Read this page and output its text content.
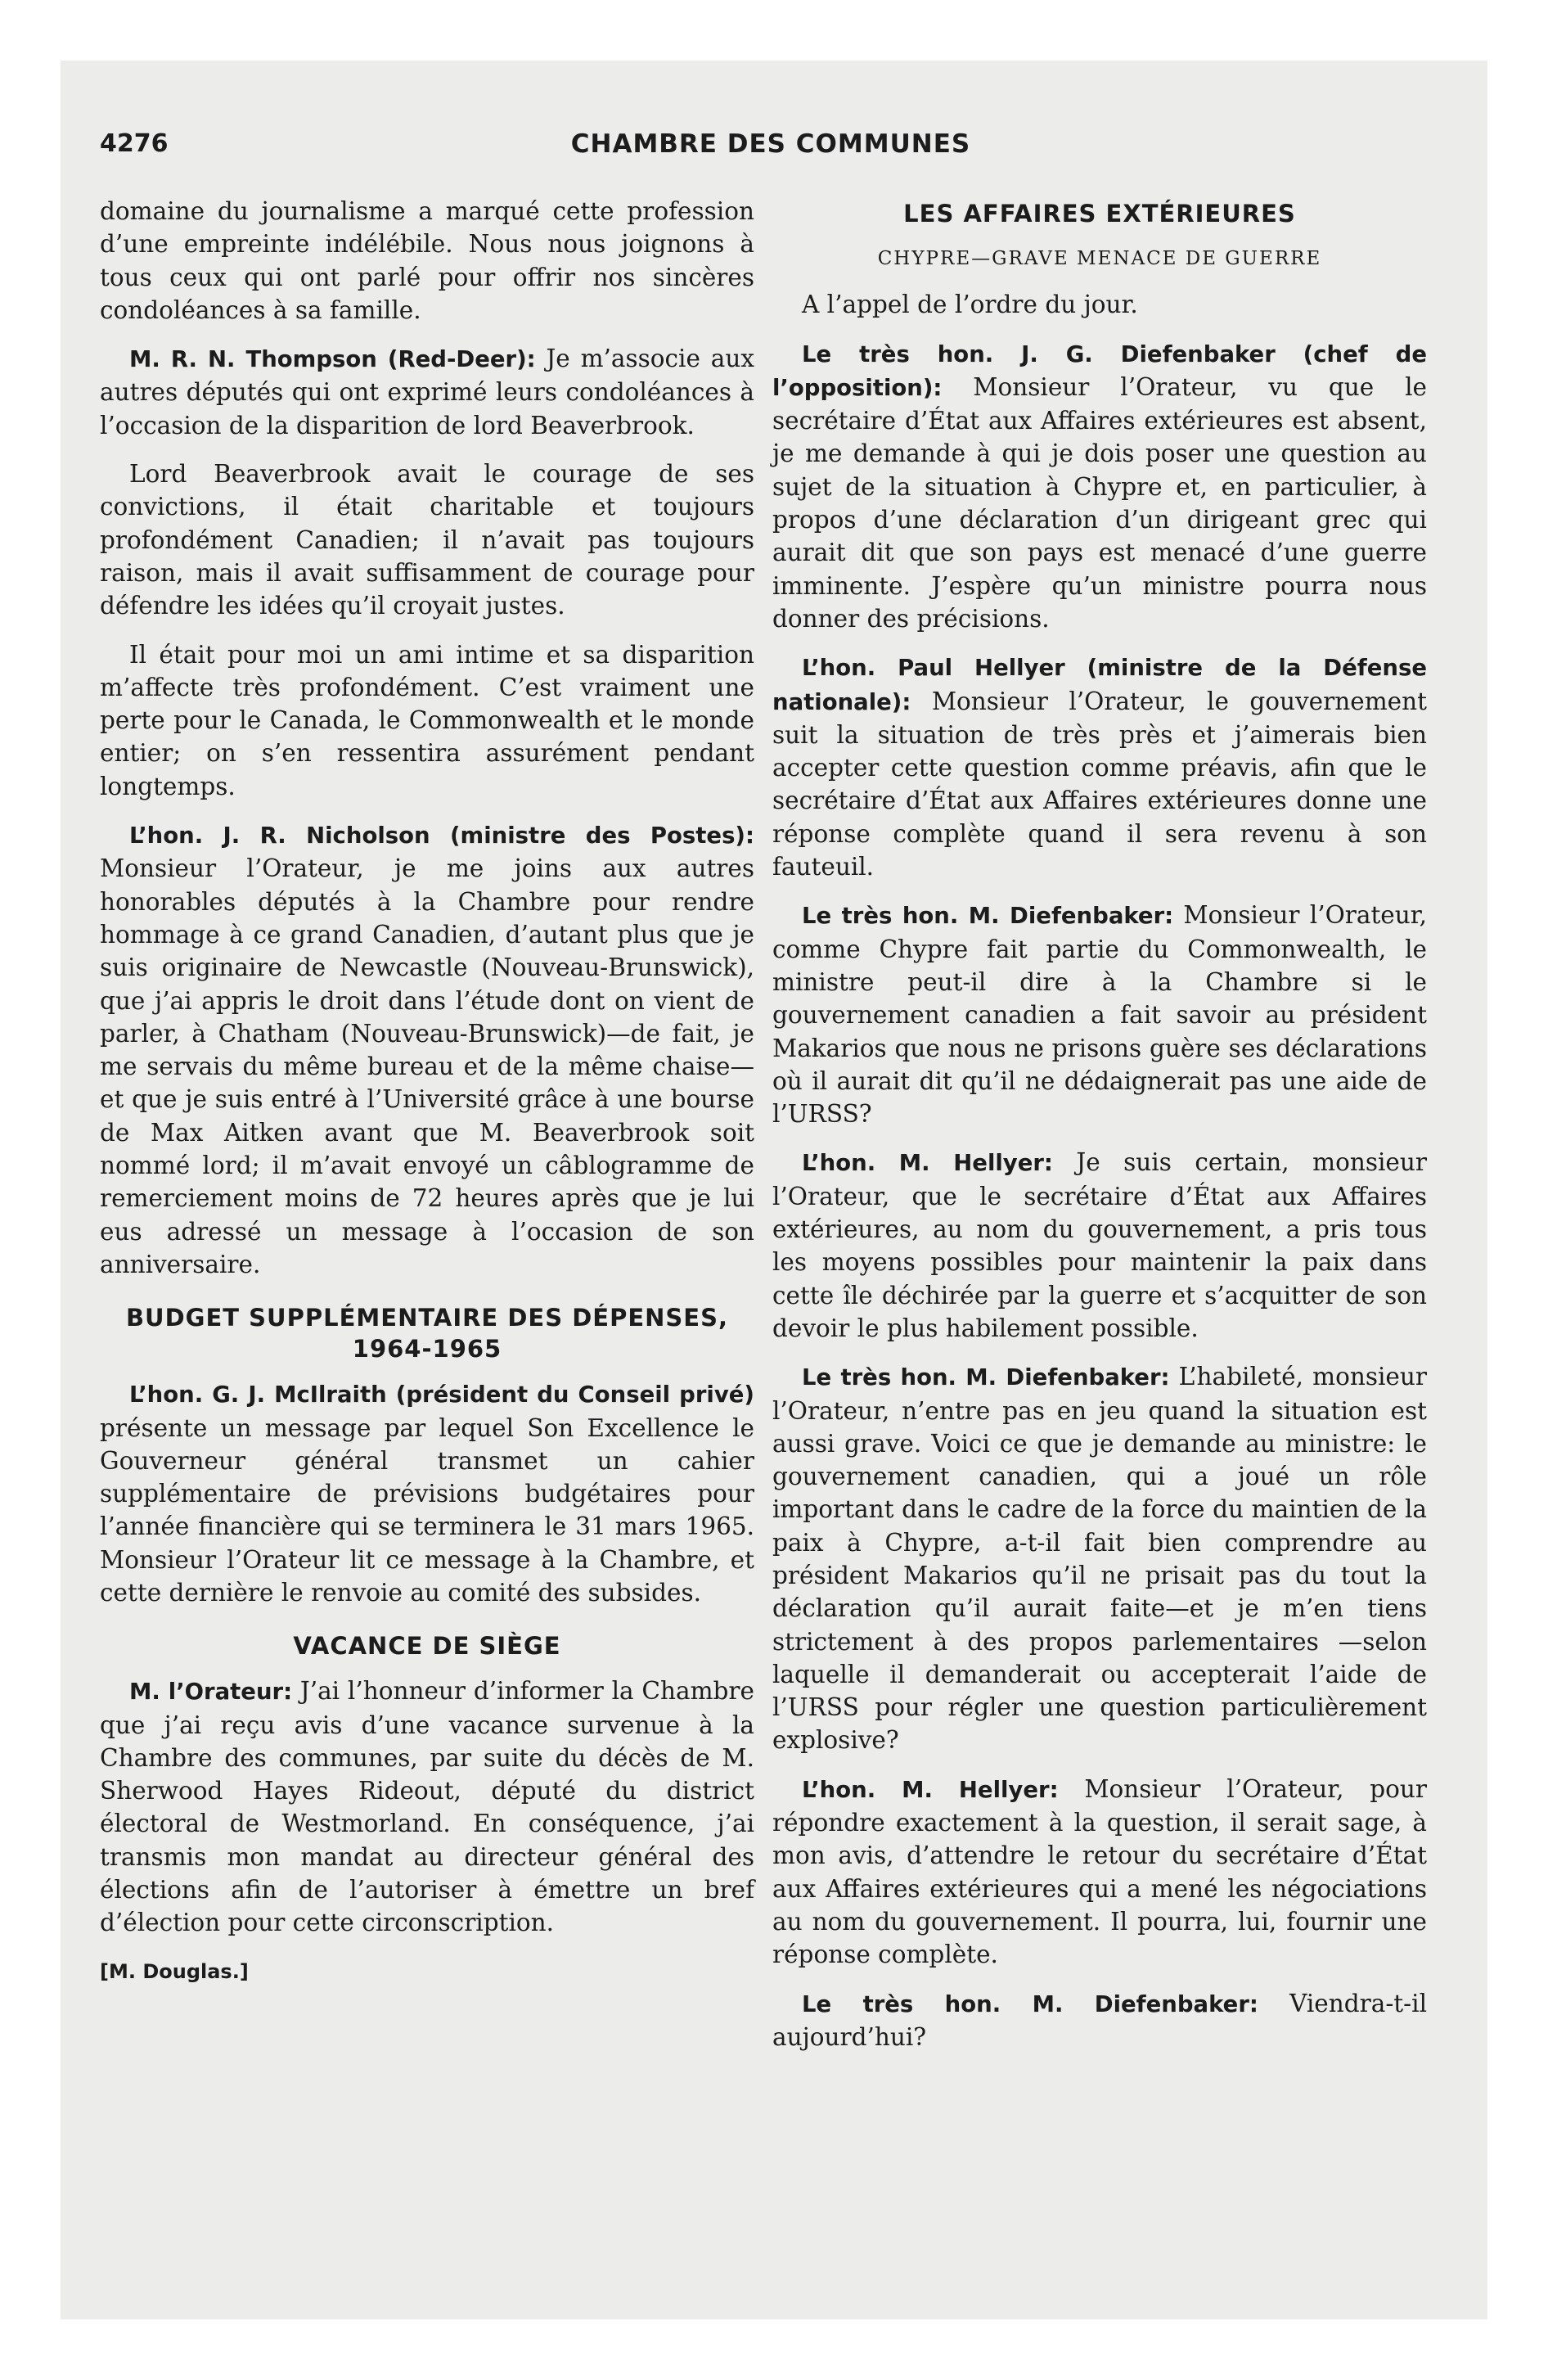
4276	CHAMBRE DES COMMUNES

domaine du journalisme a marqué cette profession d’une empreinte indélébile. Nous nous joignons à tous ceux qui ont parlé pour offrir nos sincères condoléances à sa famille.

M. R. N. Thompson (Red-Deer): Je m’associe aux autres députés qui ont exprimé leurs condoléances à l’occasion de la disparition de lord Beaverbrook.

Lord Beaverbrook avait le courage de ses convictions, il était charitable et toujours profondément Canadien; il n’avait pas toujours raison, mais il avait suffisamment de courage pour défendre les idées qu’il croyait justes.

Il était pour moi un ami intime et sa disparition m’affecte très profondément. C’est vraiment une perte pour le Canada, le Commonwealth et le monde entier; on s’en ressentira assurément pendant longtemps.

L’hon. J. R. Nicholson (ministre des Postes): Monsieur l’Orateur, je me joins aux autres honorables députés à la Chambre pour rendre hommage à ce grand Canadien, d’autant plus que je suis originaire de Newcastle (Nouveau-Brunswick), que j’ai appris le droit dans l’étude dont on vient de parler, à Chatham (Nouveau-Brunswick)—de fait, je me servais du même bureau et de la même chaise—et que je suis entré à l’Université grâce à une bourse de Max Aitken avant que M. Beaverbrook soit nommé lord; il m’avait envoyé un câblogramme de remerciement moins de 72 heures après que je lui eus adressé un message à l’occasion de son anniversaire.

BUDGET SUPPLÉMENTAIRE DES DÉPENSES, 1964-1965

L’hon. G. J. McIlraith (président du Conseil privé) présente un message par lequel Son Excellence le Gouverneur général transmet un cahier supplémentaire de prévisions budgétaires pour l’année financière qui se terminera le 31 mars 1965. Monsieur l’Orateur lit ce message à la Chambre, et cette dernière le renvoie au comité des subsides.

VACANCE DE SIÈGE

M. l’Orateur: J’ai l’honneur d’informer la Chambre que j’ai reçu avis d’une vacance survenue à la Chambre des communes, par suite du décès de M. Sherwood Hayes Rideout, député du district électoral de Westmorland. En conséquence, j’ai transmis mon mandat au directeur général des élections afin de l’autoriser à émettre un bref d’élection pour cette circonscription.

[M. Douglas.]
LES AFFAIRES EXTÉRIEURES
CHYPRE—GRAVE MENACE DE GUERRE

A l’appel de l’ordre du jour.

Le très hon. J. G. Diefenbaker (chef de l’opposition): Monsieur l’Orateur, vu que le secrétaire d’État aux Affaires extérieures est absent, je me demande à qui je dois poser une question au sujet de la situation à Chypre et, en particulier, à propos d’une déclaration d’un dirigeant grec qui aurait dit que son pays est menacé d’une guerre imminente. J’espère qu’un ministre pourra nous donner des précisions.

L’hon. Paul Hellyer (ministre de la Défense nationale): Monsieur l’Orateur, le gouvernement suit la situation de très près et j’aimerais bien accepter cette question comme préavis, afin que le secrétaire d’État aux Affaires extérieures donne une réponse complète quand il sera revenu à son fauteuil.

Le très hon. M. Diefenbaker: Monsieur l’Orateur, comme Chypre fait partie du Commonwealth, le ministre peut-il dire à la Chambre si le gouvernement canadien a fait savoir au président Makarios que nous ne prisons guère ses déclarations où il aurait dit qu’il ne dédaignerait pas une aide de l’URSS?

L’hon. M. Hellyer: Je suis certain, monsieur l’Orateur, que le secrétaire d’État aux Affaires extérieures, au nom du gouvernement, a pris tous les moyens possibles pour maintenir la paix dans cette île déchirée par la guerre et s’acquitter de son devoir le plus habilement possible.

Le très hon. M. Diefenbaker: L’habileté, monsieur l’Orateur, n’entre pas en jeu quand la situation est aussi grave. Voici ce que je demande au ministre: le gouvernement canadien, qui a joué un rôle important dans le cadre de la force du maintien de la paix à Chypre, a-t-il fait bien comprendre au président Makarios qu’il ne prisait pas du tout la déclaration qu’il aurait faite—et je m’en tiens strictement à des propos parlementaires —selon laquelle il demanderait ou accepterait l’aide de l’URSS pour régler une question particulièrement explosive?

L’hon. M. Hellyer: Monsieur l’Orateur, pour répondre exactement à la question, il serait sage, à mon avis, d’attendre le retour du secrétaire d’État aux Affaires extérieures qui a mené les négociations au nom du gouvernement. Il pourra, lui, fournir une réponse complète.

Le très hon. M. Diefenbaker: Viendra-t-il aujourd’hui?
